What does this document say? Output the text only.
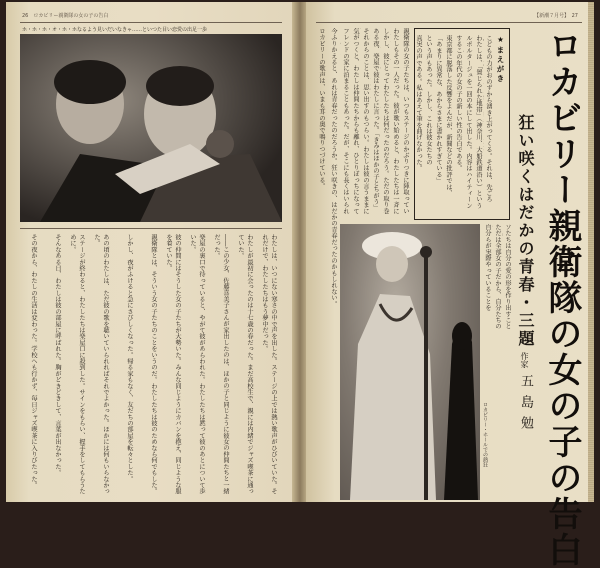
26　ロカビリー親衛隊の女の子の告白
ホ・ホ・ホ・オ・ホ・ホなるよう見いだいなきゃ……といつた目い恋愛の出足一歩
わたしは、いつにない寒さの中で声を出した。ステージの上では熱い歌声がひびいていた。それだけで、わたしたちはもう夢中だった。
わたしが最初に会ったのは十七歳の春だった。まだ高校生で、親には内緒でジャズ喫茶に通っていた。
――この少女、佐藤喜美子さんが家出したのは、ほかの子と同じように彼女の仲間たちと一緒だった。
楽屋の裏口で待っていると、やがて彼があらわれた。わたしたちは黙って彼のあとについて歩いた。
彼の仲間にはそうした女の子たちが大勢いた。みんな同じようにカバンを抱え、同じような服を着ていた。
親衛隊とは、そういう女の子たちのことをいうのだ。わたしたちは彼のためなら何でもした。
しかし、夜がふけると急にさびしくなった。帰る家もなく、友だちの部屋を転々とした。
あの頃のわたしは、ただ彼の歌を聴いていられればそれでよかった。ほかには何もいらなかった。
ステージが終わると、わたしたちは楽屋口に殺到した。サインをもらい、握手をしてもらうために。
そんなある日、わたしは彼の部屋に呼ばれた。胸がどきどきして、言葉が出なかった。
その夜から、わたしの生活は変わった。学校へも行かず、毎日ジャズ喫茶に入りびたった。
【新潮７月号】　27
ロカビリー親衛隊の女の子の告白
狂い咲くはだかの青春・三題
作家
五島勉
★まえがき
こどもの力がおのずから湧き上がってくる。それは、先ごろ
わたしは、「置じられた地帯」（神奈川、大船鉄道沿い）という
ルポルタージュを一回の本にして出した。内容はハイティーン
するこの年代の女の子の新しい性の告白である。
東京都に脱落した反響をよんだが、新聞などの批評では、
「あまりに異常な、あからさまに書かれすぎている」
という声もあった。しかし、これは彼女たちの
真実の声である。私はあえて筆を曲げなかった。
ソたちは自分の愛の形を作り出すこと
ただは全部女の子だから、自分たちの
自分らが実際やっていることを
親衛隊の女の子たちは、いつもステージのかぶりつきに陣取ってい
わたしもその一人だった。彼が歌い始めると、わたしたちは一斉に
しかし、彼にとってわたしたちは何だったのだろう。ただの取り巻
ある夜、楽屋で彼はわたしに言った。「きみはほかの子とちがう」
それからのことは、思い出すのもつらい。わたしは彼の言うままに
気がつくと、わたしは仲間たちからも離れ、ひとりぼっちになって
フレンドの家に泊まることもあった。だが、そこにも長くはいられ
今ふりかえると、あれは青春だったのだろうか。狂い咲きの、はだかの青春だったのかもしれない。
ロカビリーの歌声は、いまも耳の奥で鳴りつづけている。
ロカビリー・ホールでの熱狂
